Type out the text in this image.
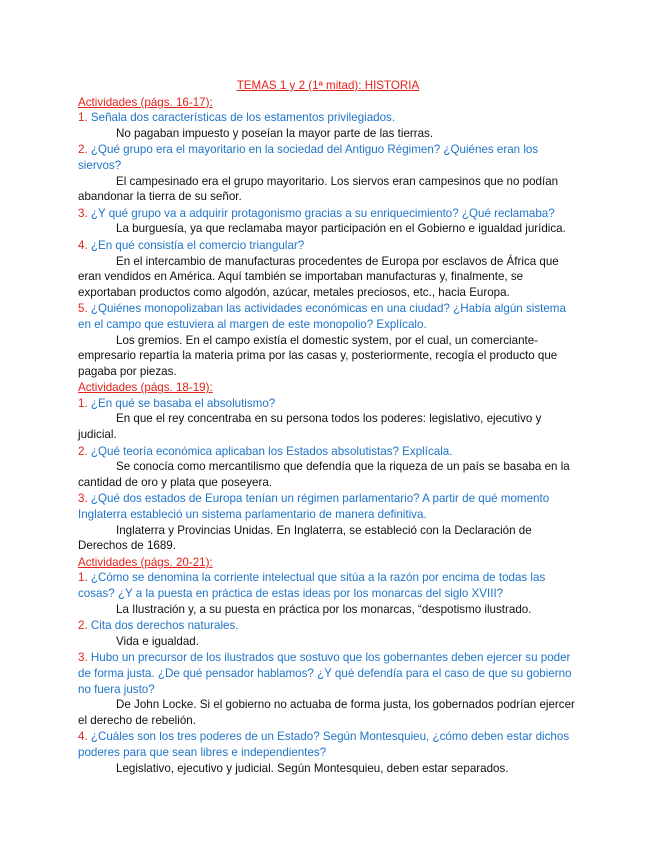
TEMAS 1 y 2 (1ª mitad): HISTORIA

Actividades (págs. 16-17):

1. Señala dos características de los estamentos privilegiados.

No pagaban impuesto y poseían la mayor parte de las tierras.

2. ¿Qué grupo era el mayoritario en la sociedad del Antiguo Régimen? ¿Quiénes eran los siervos?

El campesinado era el grupo mayoritario. Los siervos eran campesinos que no podían abandonar la tierra de su señor.

3. ¿Y qué grupo va a adquirir protagonismo gracias a su enriquecimiento? ¿Qué reclamaba?

La burguesía, ya que reclamaba mayor participación en el Gobierno e igualdad jurídica.

4. ¿En qué consistía el comercio triangular?

En el intercambio de manufacturas procedentes de Europa por esclavos de África que eran vendidos en América. Aquí también se importaban manufacturas y, finalmente, se exportaban productos como algodón, azúcar, metales preciosos, etc., hacia Europa.

5. ¿Quiénes monopolizaban las actividades económicas en una ciudad? ¿Había algún sistema en el campo que estuviera al margen de este monopolio? Explícalo.

Los gremios. En el campo existía el domestic system, por el cual, un comerciante-empresario repartía la materia prima por las casas y, posteriormente, recogía el producto que pagaba por piezas.

Actividades (págs. 18-19):

1. ¿En qué se basaba el absolutismo?

En que el rey concentraba en su persona todos los poderes: legislativo, ejecutivo y judicial.

2. ¿Qué teoría económica aplicaban los Estados absolutistas? Explícala.

Se conocía como mercantilismo que defendía que la riqueza de un país se basaba en la cantidad de oro y plata que poseyera.

3. ¿Qué dos estados de Europa tenían un régimen parlamentario? A partir de qué momento Inglaterra estableció un sistema parlamentario de manera definitiva.

Inglaterra y Provincias Unidas. En Inglaterra, se estableció con la Declaración de Derechos de 1689.

Actividades (págs. 20-21):

1. ¿Cómo se denomina la corriente intelectual que sitúa a la razón por encima de todas las cosas? ¿Y a la puesta en práctica de estas ideas por los monarcas del siglo XVIII?

La Ilustración y, a su puesta en práctica por los monarcas, “despotismo ilustrado.

2. Cita dos derechos naturales.

Vida e igualdad.

3. Hubo un precursor de los ilustrados que sostuvo que los gobernantes deben ejercer su poder de forma justa. ¿De qué pensador hablamos? ¿Y qué defendía para el caso de que su gobierno no fuera justo?

De John Locke. Si el gobierno no actuaba de forma justa, los gobernados podrían ejercer el derecho de rebelión.

4. ¿Cuáles son los tres poderes de un Estado? Según Montesquieu, ¿cómo deben estar dichos poderes para que sean libres e independientes?

Legislativo, ejecutivo y judicial. Según Montesquieu, deben estar separados.
